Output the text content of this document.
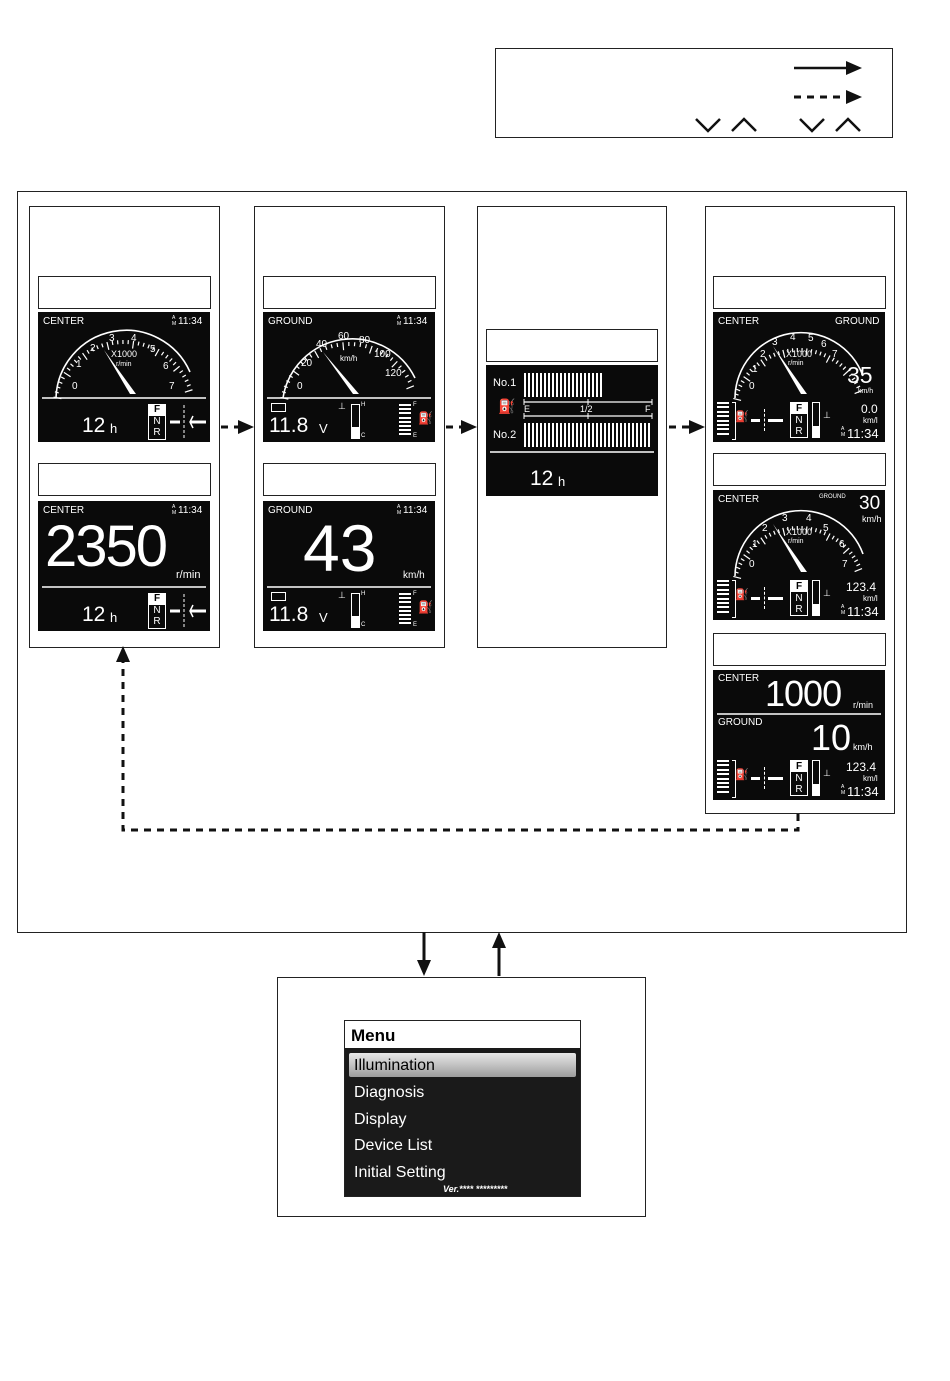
CENTER	A
M 11:34
0
1
2
3 4
5
6
7
X1000
r/min
12 h
F
N
R
CENTER	A
M 11:34
2350 r/min
12 h
F
N
R
GROUND	A
M 11:34
0
20
40
60 80
100
120
km/h
11.8 V
⊥	H
C
F
E
⛽
GROUND	A
M 11:34
43	km/h
11.8 V
⊥	H
C
F
E
⛽
No.1
⛽ E	1/2	F
No.2
12 h
CENTER	GROUND
0
1
2
3 4 5
6
7
X1000
r/min 35
km/h
⛽
F
N
R
⊥	0.0
km/l
A
M 11:34
CENTER	GROUND 30
km/h
0
1
2
3 4
5
6
7
X1000
r/min
⛽
F
N
R
⊥ 123.4
km/l
A
M 11:34
CENTER 1000 r/min
GROUND 10 km/h
⛽
F
N
R
⊥ 123.4
km/l
A
M 11:34
Menu
Illumination
Diagnosis
Display
Device List
Initial Setting
Ver.**** *********
